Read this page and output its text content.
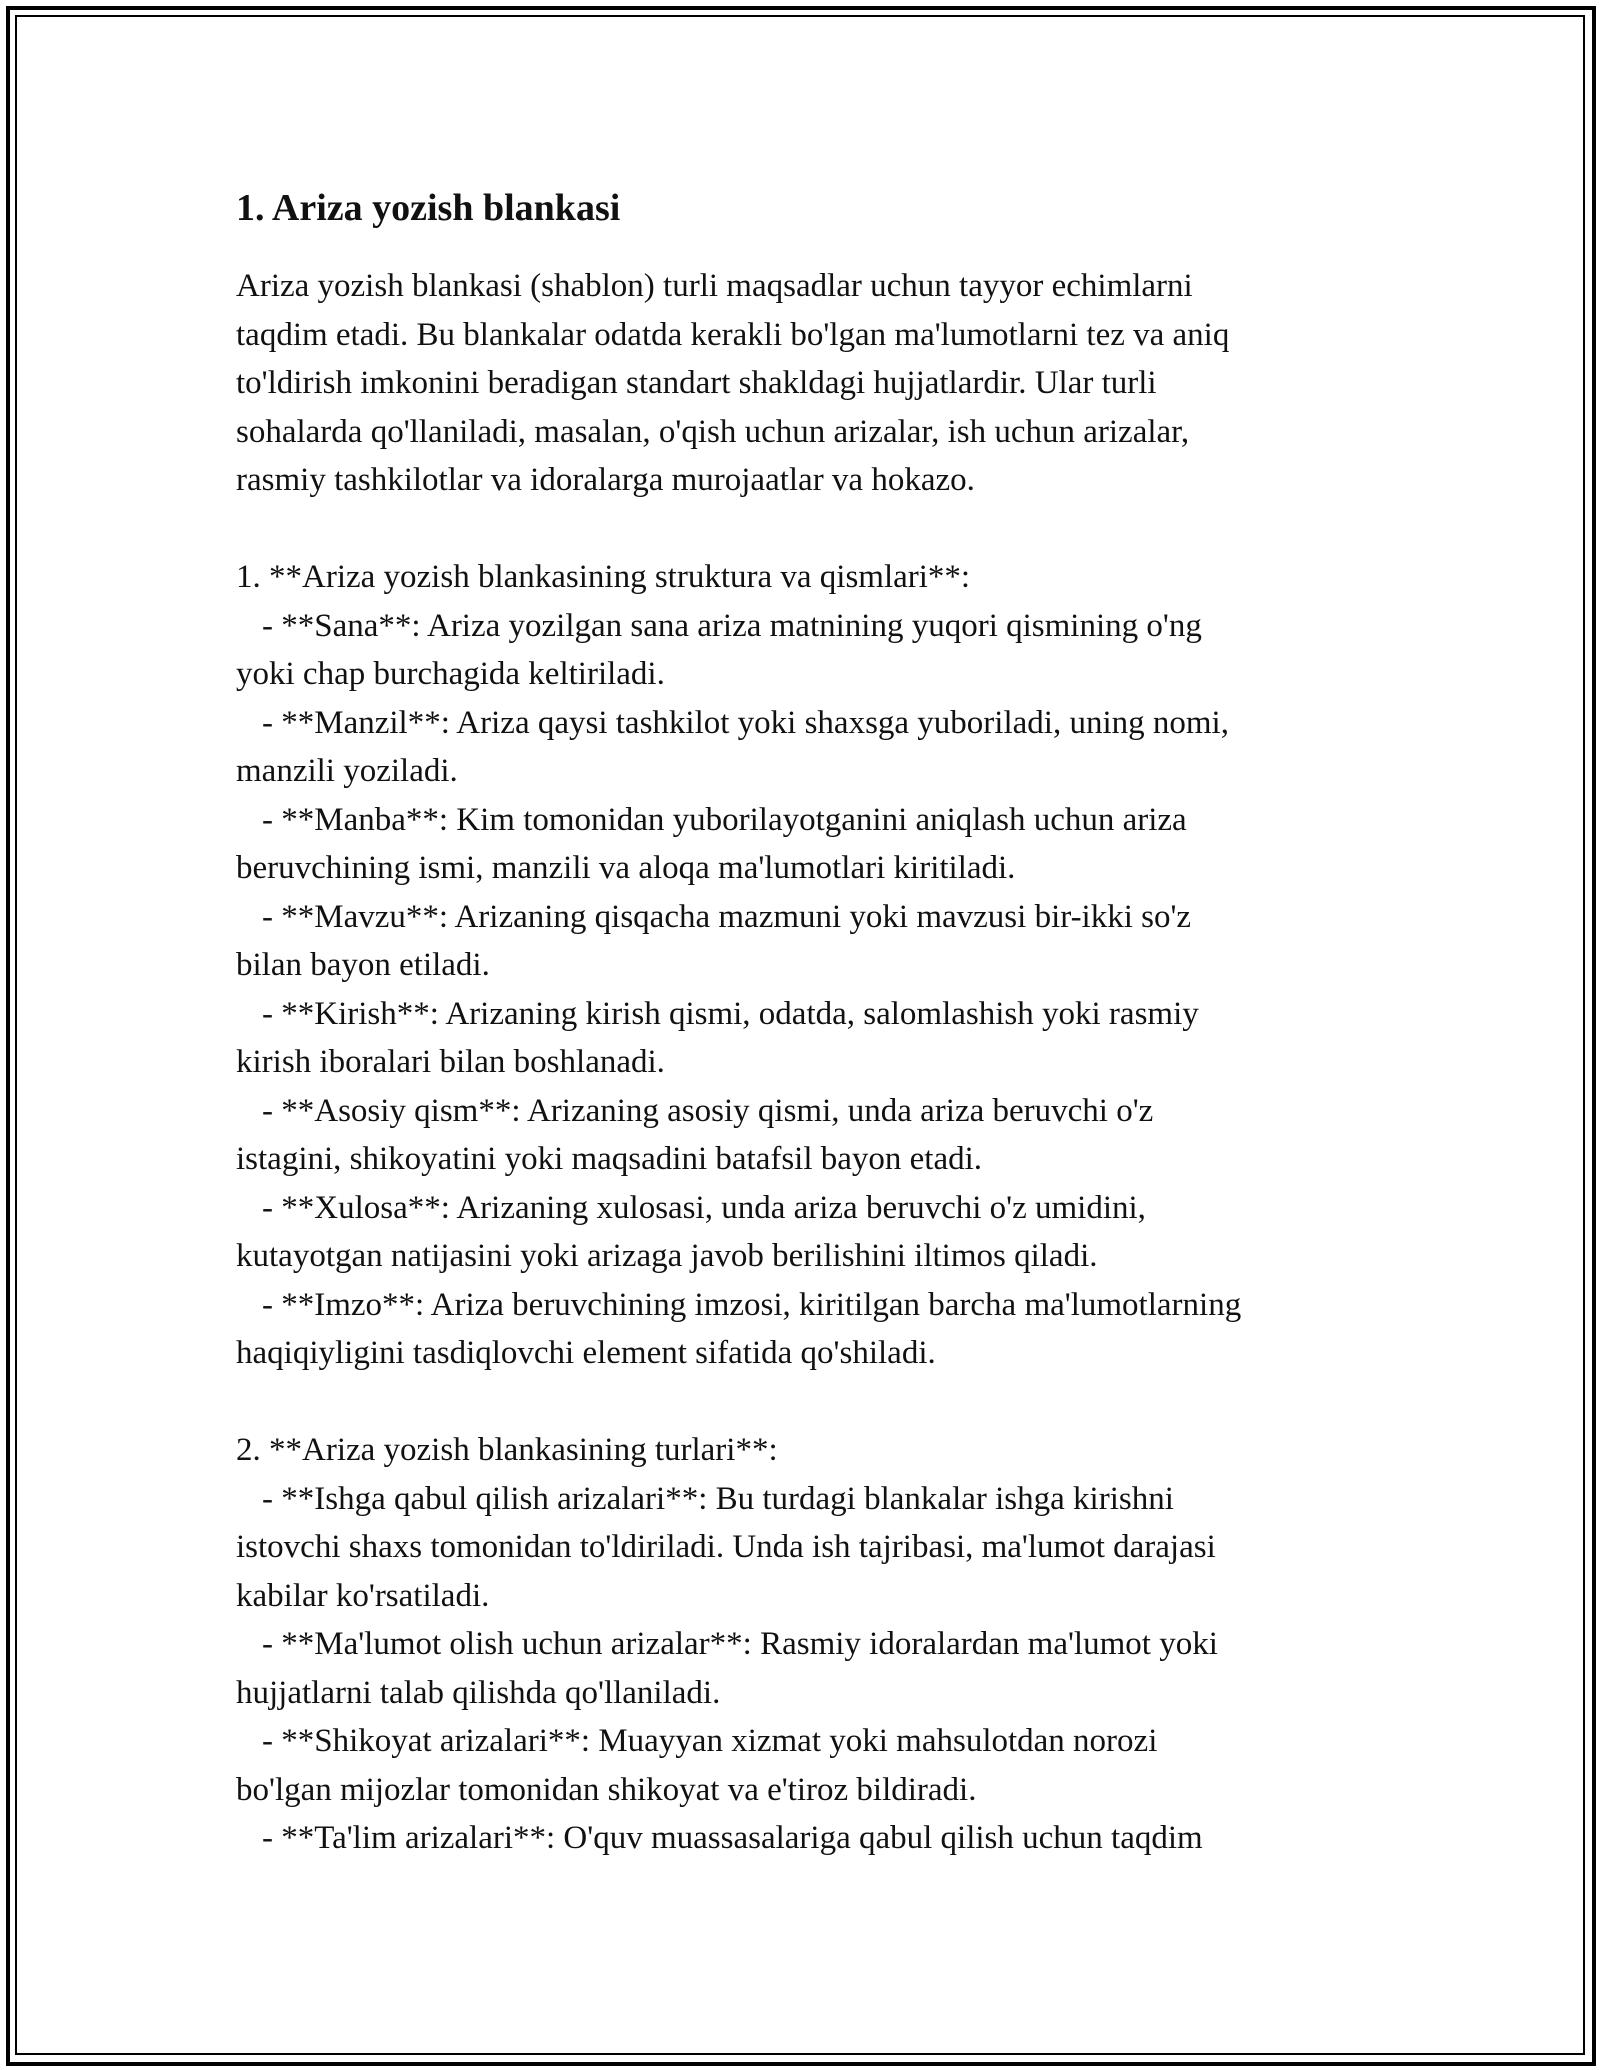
1. Ariza yozish blankasi
Ariza yozish blankasi (shablon) turli maqsadlar uchun tayyor echimlarni
taqdim etadi. Bu blankalar odatda kerakli bo'lgan ma'lumotlarni tez va aniq
to'ldirish imkonini beradigan standart shakldagi hujjatlardir. Ular turli
sohalarda qo'llaniladi, masalan, o'qish uchun arizalar, ish uchun arizalar,
rasmiy tashkilotlar va idoralarga murojaatlar va hokazo.
1. **Ariza yozish blankasining struktura va qismlari**:
- **Sana**: Ariza yozilgan sana ariza matnining yuqori qismining o'ng
yoki chap burchagida keltiriladi.
- **Manzil**: Ariza qaysi tashkilot yoki shaxsga yuboriladi, uning nomi,
manzili yoziladi.
- **Manba**: Kim tomonidan yuborilayotganini aniqlash uchun ariza
beruvchining ismi, manzili va aloqa ma'lumotlari kiritiladi.
- **Mavzu**: Arizaning qisqacha mazmuni yoki mavzusi bir-ikki so'z
bilan bayon etiladi.
- **Kirish**: Arizaning kirish qismi, odatda, salomlashish yoki rasmiy
kirish iboralari bilan boshlanadi.
- **Asosiy qism**: Arizaning asosiy qismi, unda ariza beruvchi o'z
istagini, shikoyatini yoki maqsadini batafsil bayon etadi.
- **Xulosa**: Arizaning xulosasi, unda ariza beruvchi o'z umidini,
kutayotgan natijasini yoki arizaga javob berilishini iltimos qiladi.
- **Imzo**: Ariza beruvchining imzosi, kiritilgan barcha ma'lumotlarning
haqiqiyligini tasdiqlovchi element sifatida qo'shiladi.
2. **Ariza yozish blankasining turlari**:
- **Ishga qabul qilish arizalari**: Bu turdagi blankalar ishga kirishni
istovchi shaxs tomonidan to'ldiriladi. Unda ish tajribasi, ma'lumot darajasi
kabilar ko'rsatiladi.
- **Ma'lumot olish uchun arizalar**: Rasmiy idoralardan ma'lumot yoki
hujjatlarni talab qilishda qo'llaniladi.
- **Shikoyat arizalari**: Muayyan xizmat yoki mahsulotdan norozi
bo'lgan mijozlar tomonidan shikoyat va e'tiroz bildiradi.
- **Ta'lim arizalari**: O'quv muassasalariga qabul qilish uchun taqdim
